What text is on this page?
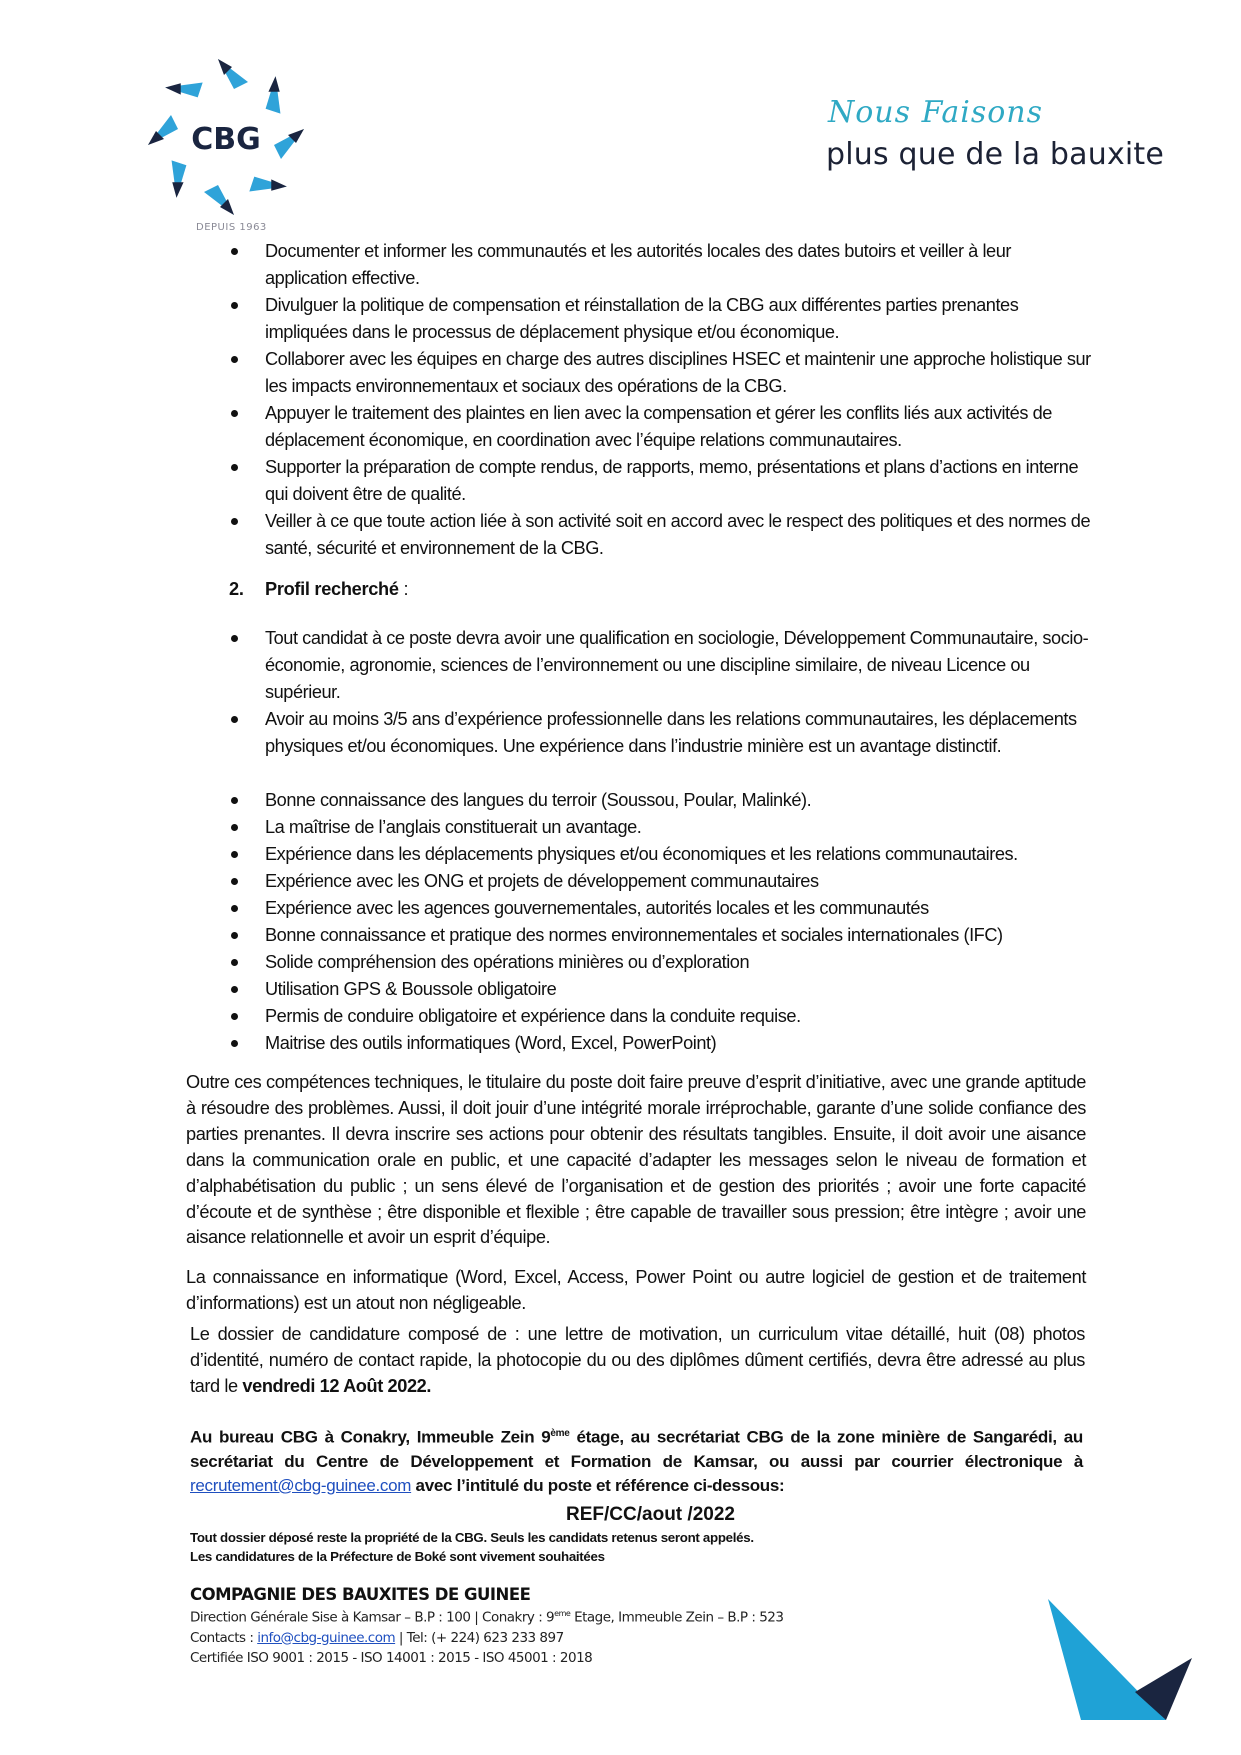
CBG
DEPUIS 1963
Nous Faisons
plus que de la bauxite
Documenter et informer les communautés et les autorités locales des dates butoirs et veiller à leur application effective.
Divulguer la politique de compensation et réinstallation de la CBG aux différentes parties prenantes impliquées dans le processus de déplacement physique et/ou économique.
Collaborer avec les équipes en charge des autres disciplines HSEC et maintenir une approche holistique sur les impacts environnementaux et sociaux des opérations de la CBG.
Appuyer le traitement des plaintes en lien avec la compensation et gérer les conflits liés aux activités de déplacement économique, en coordination avec l’équipe relations communautaires.
Supporter la préparation de compte rendus, de rapports, memo, présentations et plans d’actions en interne qui doivent être de qualité.
Veiller à ce que toute action liée à son activité soit en accord avec le respect des politiques et des normes de santé, sécurité et environnement de la CBG.
2. Profil recherché :
Tout candidat à ce poste devra avoir une qualification en sociologie, Développement Communautaire, socio-économie, agronomie, sciences de l’environnement ou une discipline similaire, de niveau Licence ou supérieur.
Avoir au moins 3/5 ans d’expérience professionnelle dans les relations communautaires, les déplacements physiques et/ou économiques. Une expérience dans l’industrie minière est un avantage distinctif.
Bonne connaissance des langues du terroir (Soussou, Poular, Malinké).
La maîtrise de l’anglais constituerait un avantage.
Expérience dans les déplacements physiques et/ou économiques et les relations communautaires.
Expérience avec les ONG et projets de développement communautaires
Expérience avec les agences gouvernementales, autorités locales et les communautés
Bonne connaissance et pratique des normes environnementales et sociales internationales (IFC)
Solide compréhension des opérations minières ou d’exploration
Utilisation GPS & Boussole obligatoire
Permis de conduire obligatoire et expérience dans la conduite requise.
Maitrise des outils informatiques (Word, Excel, PowerPoint)

Outre ces compétences techniques, le titulaire du poste doit faire preuve d’esprit d’initiative, avec une grande aptitude à résoudre des problèmes. Aussi, il doit jouir d’une intégrité morale irréprochable, garante d’une solide confiance des parties prenantes. Il devra inscrire ses actions pour obtenir des résultats tangibles. Ensuite, il doit avoir une aisance dans la communication orale en public, et une capacité d’adapter les messages selon le niveau de formation et d’alphabétisation du public ; un sens élevé de l’organisation et de gestion des priorités ; avoir une forte capacité d’écoute et de synthèse ; être disponible et flexible ; être capable de travailler sous pression; être intègre ; avoir une aisance relationnelle et avoir un esprit d’équipe.

La connaissance en informatique (Word, Excel, Access, Power Point ou autre logiciel de gestion et de traitement d’informations) est un atout non négligeable.

Le dossier de candidature composé de : une lettre de motivation, un curriculum vitae détaillé, huit (08) photos d’identité, numéro de contact rapide, la photocopie du ou des diplômes dûment certifiés, devra être adressé au plus tard le vendredi 12 Août 2022.

Au bureau CBG à Conakry, Immeuble Zein 9ème étage, au secrétariat CBG de la zone minière de Sangarédi, au secrétariat du Centre de Développement et Formation de Kamsar, ou aussi par courrier électronique à recrutement@cbg-guinee.com avec l’intitulé du poste et référence ci-dessous:

REF/CC/aout /2022
Tout dossier déposé reste la propriété de la CBG. Seuls les candidats retenus seront appelés.
Les candidatures de la Préfecture de Boké sont vivement souhaitées
COMPAGNIE DES BAUXITES DE GUINEE
Direction Générale Sise à Kamsar – B.P : 100 | Conakry : 9eme Etage, Immeuble Zein – B.P : 523
Contacts : info@cbg-guinee.com | Tel: (+ 224) 623 233 897
Certifiée ISO 9001 : 2015 - ISO 14001 : 2015 - ISO 45001 : 2018
